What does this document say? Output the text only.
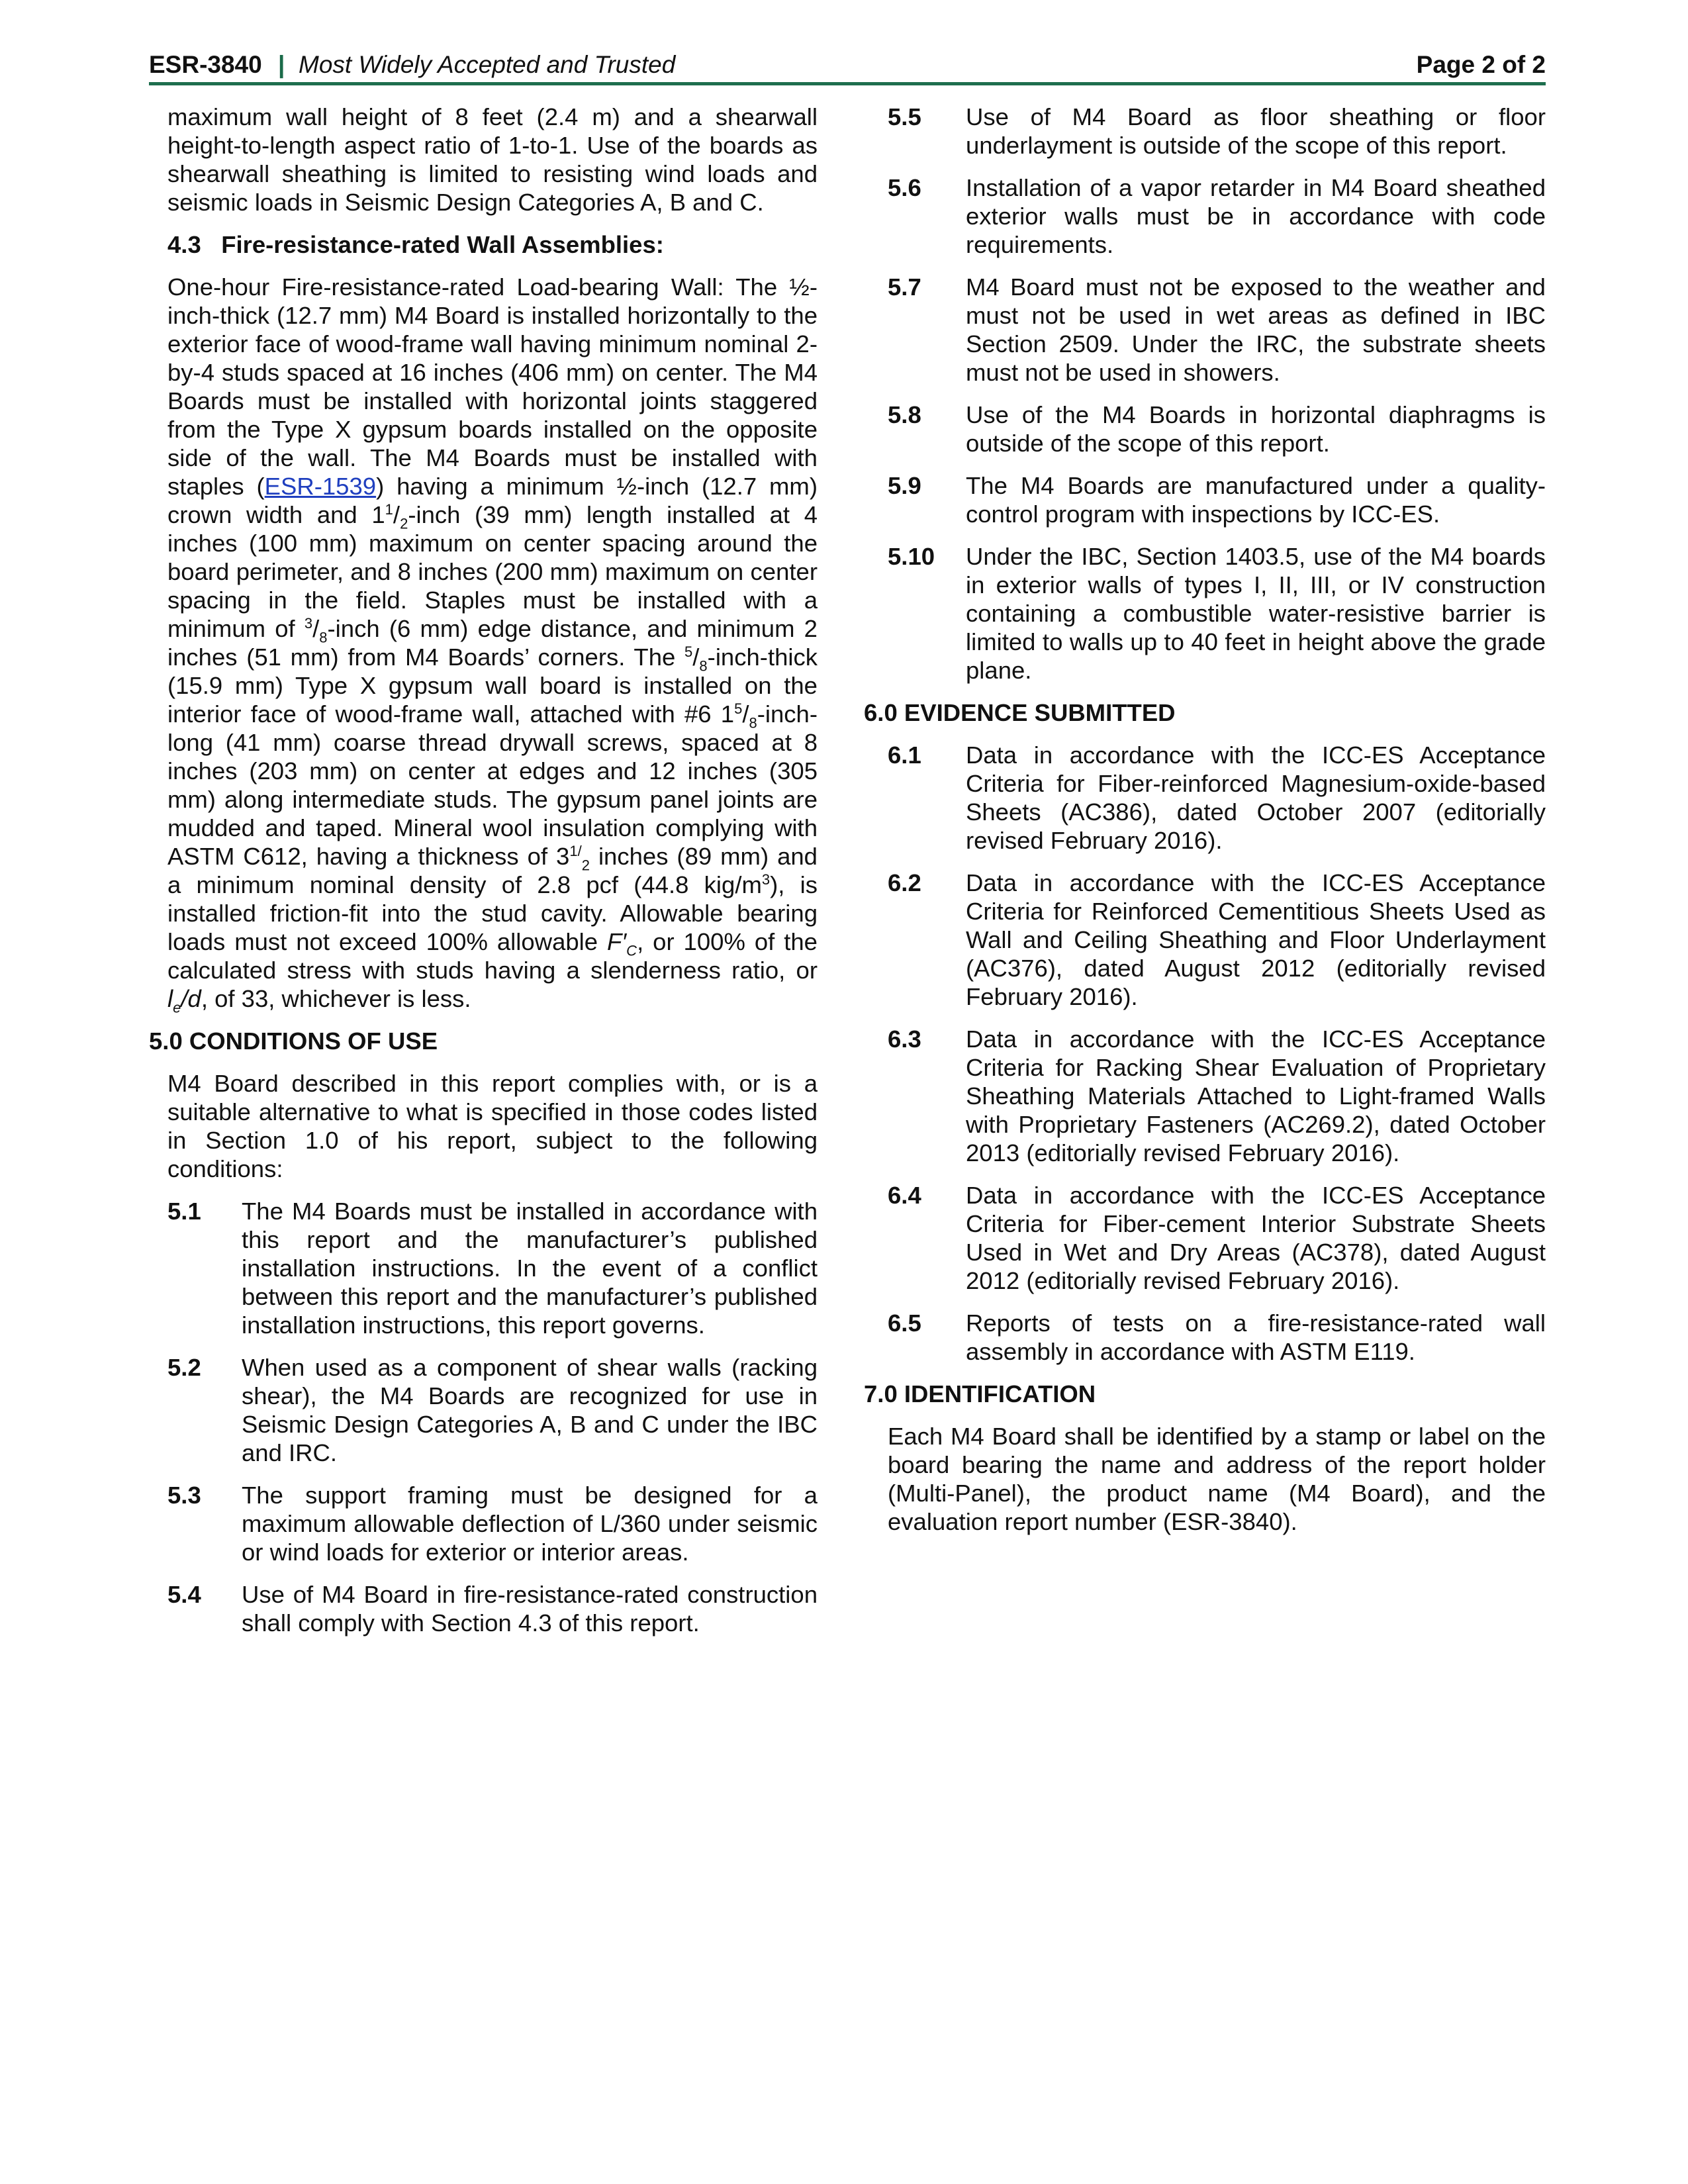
ESR-3840 | Most Widely Accepted and Trusted	Page 2 of 2

maximum wall height of 8 feet (2.4 m) and a shearwall height-to-length aspect ratio of 1-to-1. Use of the boards as shearwall sheathing is limited to resisting wind loads and seismic loads in Seismic Design Categories A, B and C.

4.3 Fire-resistance-rated Wall Assemblies:

One-hour Fire-resistance-rated Load-bearing Wall: The ½-inch-thick (12.7 mm) M4 Board is installed horizontally to the exterior face of wood-frame wall having minimum nominal 2-by-4 studs spaced at 16 inches (406 mm) on center. The M4 Boards must be installed with horizontal joints staggered from the Type X gypsum boards installed on the opposite side of the wall. The M4 Boards must be installed with staples (ESR-1539) having a minimum ½-inch (12.7 mm) crown width and $1^1/_2$-inch (39 mm) length installed at 4 inches (100 mm) maximum on center spacing around the board perimeter, and 8 inches (200 mm) maximum on center spacing in the field. Staples must be installed with a minimum of $^3/_8$-inch (6 mm) edge distance, and minimum 2 inches (51 mm) from M4 Boards’ corners. The $^5/_8-inch$-thick (15.9 mm) Type X gypsum wall board is installed on the interior face of wood-frame wall, attached with #6 $1^5/_8-inch$-long (41 mm) coarse thread drywall screws, spaced at 8 inches (203 mm) on center at edges and 12 inches (305 mm) along intermediate studs. The gypsum panel joints are mudded and taped. Mineral wool insulation complying with ASTM C612, having a thickness of $3^{1/}_2$ inches (89 mm) and a minimum nominal density of 2.8 pcf (44.8 kig/$m^3$), is installed friction-fit into the stud cavity. Allowable bearing loads must not exceed 100% allowable $F'_C$, or 100% of the calculated stress with studs having a slenderness ratio, or $l_e/d$, of 33, whichever is less.

5.0 CONDITIONS OF USE

M4 Board described in this report complies with, or is a suitable alternative to what is specified in those codes listed in Section 1.0 of his report, subject to the following conditions:

5.1 The M4 Boards must be installed in accordance with this report and the manufacturer’s published installation instructions. In the event of a conflict between this report and the manufacturer’s published installation instructions, this report governs.
5.2 When used as a component of shear walls (racking shear), the M4 Boards are recognized for use in Seismic Design Categories A, B and C under the IBC and IRC.
5.3 The support framing must be designed for a maximum allowable deflection of L/360 under seismic or wind loads for exterior or interior areas.
5.4 Use of M4 Board in fire-resistance-rated construction shall comply with Section 4.3 of this report.
5.5 Use of M4 Board as floor sheathing or floor underlayment is outside of the scope of this report.
5.6 Installation of a vapor retarder in M4 Board sheathed exterior walls must be in accordance with code requirements.
5.7 M4 Board must not be exposed to the weather and must not be used in wet areas as defined in IBC Section 2509. Under the IRC, the substrate sheets must not be used in showers.
5.8 Use of the M4 Boards in horizontal diaphragms is outside of the scope of this report.
5.9 The M4 Boards are manufactured under a quality-control program with inspections by ICC-ES.
5.10 Under the IBC, Section 1403.5, use of the M4 boards in exterior walls of types I, II, III, or IV construction containing a combustible water-resistive barrier is limited to walls up to 40 feet in height above the grade plane.
6.0 EVIDENCE SUBMITTED
6.1 Data in accordance with the ICC-ES Acceptance Criteria for Fiber-reinforced Magnesium-oxide-based Sheets (AC386), dated October 2007 (editorially revised February 2016).
6.2 Data in accordance with the ICC-ES Acceptance Criteria for Reinforced Cementitious Sheets Used as Wall and Ceiling Sheathing and Floor Underlayment (AC376), dated August 2012 (editorially revised February 2016).
6.3 Data in accordance with the ICC-ES Acceptance Criteria for Racking Shear Evaluation of Proprietary Sheathing Materials Attached to Light-framed Walls with Proprietary Fasteners (AC269.2), dated October 2013 (editorially revised February 2016).
6.4 Data in accordance with the ICC-ES Acceptance Criteria for Fiber-cement Interior Substrate Sheets Used in Wet and Dry Areas (AC378), dated August 2012 (editorially revised February 2016).
6.5 Reports of tests on a fire-resistance-rated wall assembly in accordance with ASTM E119.
7.0 IDENTIFICATION

Each M4 Board shall be identified by a stamp or label on the board bearing the name and address of the report holder (Multi-Panel), the product name (M4 Board), and the evaluation report number (ESR-3840).
